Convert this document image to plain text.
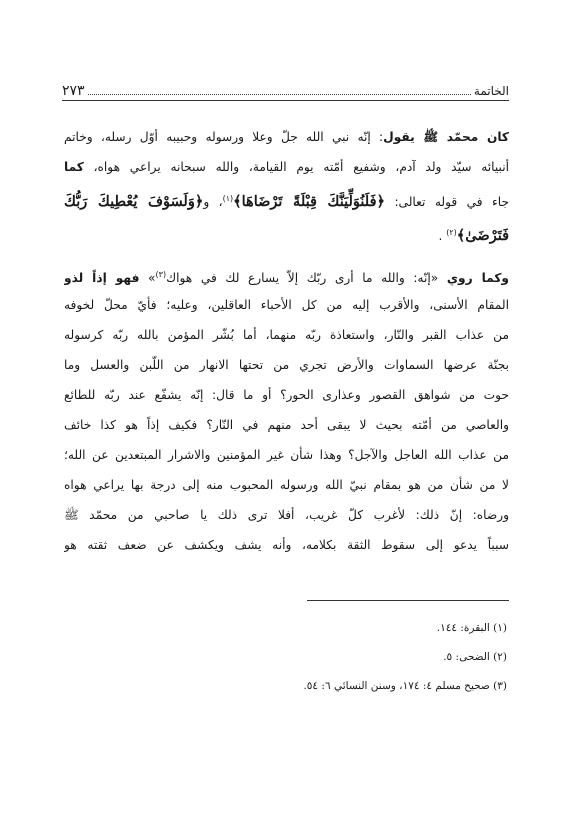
الخاتمة
٢٧٣
كان محمّد ﷺ يقول: إنّه نبي الله جلّ وعلا ورسوله وحبيبه أوّل رسله، وخاتم
أنبيائه سيّد ولد آدم، وشفيع أمّته يوم القيامة، والله سبحانه يراعي هواه، كما
جاء في قوله تعالى: ﴿فَلَنُوَلِّيَنَّكَ قِبْلَةً تَرْضَاهَا﴾$^{(١)}$، و﴿وَلَسَوْفَ يُعْطِيكَ رَبُّكَ
فَتَرْضَىٰ﴾$^{(٢)}$ .
وكما روي «إنّه: والله ما أرى ربّك إلاّ يسارع لك في هواك$^{(٣)}$» فهو إذاً لذو
المقام الأسنى، والأقرب إليه من كل الأحباء العاقلين، وعليه؛ فأيّ محلّ لخوفه
من عذاب القبر والنّار، واستعاذة ربّه منهما، أما بُشّر المؤمن بالله ربّه كرسوله
بجنّة عرضها السماوات والأرض تجري من تحتها الانهار من اللّبن والعسل وما
حوت من شواهق القصور وعذارى الحور؟ أو ما قال: إنّه يشفّع عند ربّه للطائع
والعاصي من أمّته بحيث لا يبقى أحد منهم في النّار؟ فكيف إذاً هو كذا خائف
من عذاب الله العاجل والآجل؟ وهذا شأن غير المؤمنين والاشرار المبتعدين عن الله؛
لا من شأن من هو بمقام نبيّ الله ورسوله المحبوب منه إلى درجة بها يراعي هواه
ورضاه: إنّ ذلك: لأغرب كلّ غريب، أفلا ترى ذلك يا صاحبي من محمّد ﷺ
سبباً يدعو إلى سقوط الثقة بكلامه، وأنه يشف ويكشف عن ضعف ثقته هو
(١) البقرة: ١٤٤.
(٢) الضحى: ٥.
(٣) صحيح مسلم ٤: ١٧٤، وسنن النسائي ٦: ٥٤.
